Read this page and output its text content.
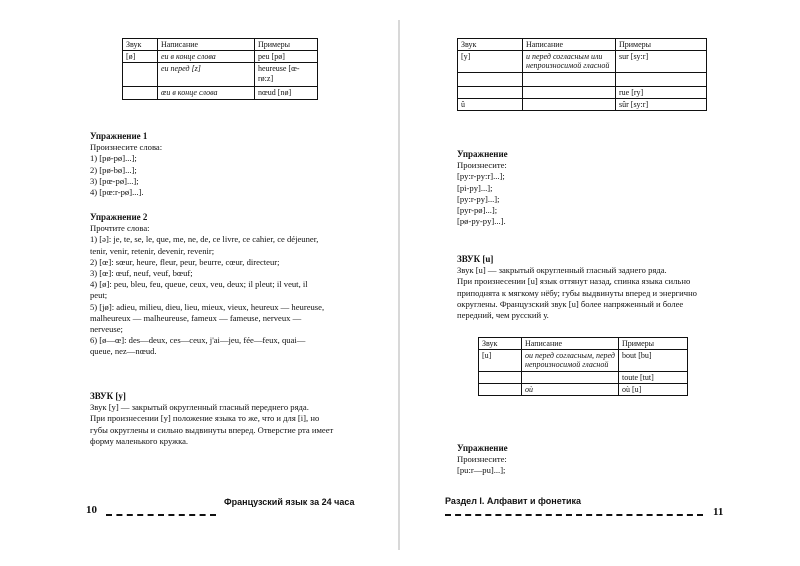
Звук	Написание	Примеры
[ø]	eu в конце слова	peu [pø]
	eu перед [z]	heureuse [œ-rø:z]
	œu в конце слова	nœud [nø]
Упражнение 1
Произнесите слова:
1) [pø-pø]...];
2) [pø-bø]...];
3) [pœ-pø]...];
4) [pœ:r-pø]...].
Упражнение 2
Прочтите слова:
1) [ə]: je, te, se, le, que, me, ne, de, ce livre, ce cahier, ce déjeuner,
tenir, venir, retenir, devenir, revenir;
2) [œ]: sœur, heure, fleur, peur, beurre, cœur, directeur;
3) [œ]: œuf, neuf, veuf, bœuf;
4) [ø]: peu, bleu, feu, queue, ceux, veu, deux; il pleut; il veut, il
peut;
5) [jø]: adieu, milieu, dieu, lieu, mieux, vieux, heureux — heureuse,
malheureux — malheureuse, fameux — fameuse, nerveux —
nerveuse;
6) [ø—œ]: des—deux, ces—ceux, j'ai—jeu, fée—feux, quai—
queue, nez—nœud.
ЗВУК [y]
Звук [y] — закрытый округленный гласный переднего ряда.
При произнесении [y] положение языка то же, что и для [i], но
губы округлены и сильно выдвинуты вперед. Отверстие рта имеет
форму маленького кружка.
10
Французский язык за 24 часа
Звук	Написание	Примеры
[y]	u перед согласным или непроизносимой гласной	sur [sy:r]

		rue [ry]
û		sûr [sy:r]
Упражнение
Произнесите:
[py:r-py:r]...];
[pi-py]...];
[py:r-py]...];
[pyr-pø]...];
[pø-py-py]...].
ЗВУК [u]
Звук [u] — закрытый округленный гласный заднего ряда.
При произнесении [u] язык оттянут назад, спинка языка сильно
приподнята к мягкому нёбу; губы выдвинуты вперед и энергично
округлены. Французский звук [u] более напряженный и более
передний, чем русский у.
Звук	Написание	Примеры
[u]	ou перед согласным, перед непроизносимой гласной	bout [bu]
		toute [tut]
	où	où [u]
Упражнение
Произнесите:
[pu:r—pu]...];
Раздел I. Алфавит и фонетика
11
